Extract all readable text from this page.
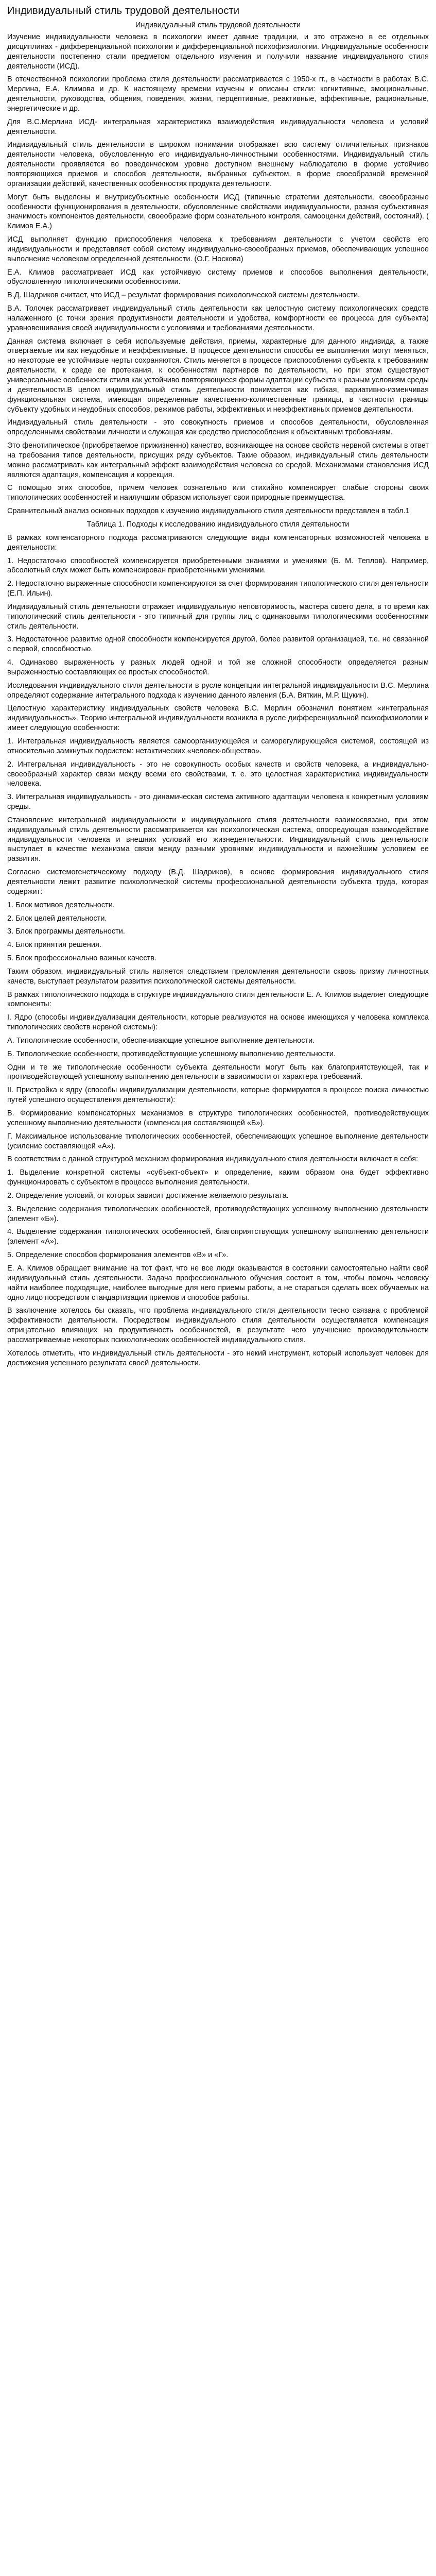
Индивидуальный стиль трудовой деятельности
Индивидуальный стиль трудовой деятельности

Изучение индивидуальности человека в психологии имеет давние традиции, и это отражено в ее отдельных дисциплинах - дифференциальной психологии и дифференциальной психофизиологии. Индивидуальные особенности деятельности постепенно стали предметом отдельного изучения и получили название индивидуального стиля деятельности (ИСД).

В отечественной психологии проблема стиля деятельности рассматривается с 1950-х гг., в частности в работах В.С. Мерлина, Е.А. Климова и др. К настоящему времени изучены и описаны стили: когнитивные, эмоциональные, деятельности, руководства, общения, поведения, жизни, перцептивные, реактивные, аффективные, рациональные, энергетические и др.

Для В.С.Мерлина ИСД- интегральная характеристика взаимодействия индивидуальности человека и условий деятельности.

Индивидуальный стиль деятельности в широком понимании отображает всю систему отличительных признаков деятельности человека, обусловленную его индивидуально-личностными особенностями. Индивидуальный стиль деятельности проявляется во поведенческом уровне доступном внешнему наблюдателю в форме устойчиво повторяющихся приемов и способов деятельности, выбранных субъектом, в форме своеобразной временной организации действий, качественных особенностях продукта деятельности.

Могут быть выделены и внутрисубъектные особенности ИСД (типичные стратегии деятельности, своеобразные особенности функционирования в деятельности, обусловленные свойствами индивидуальности, разная субъективная значимость компонентов деятельности, своеобразие форм сознательного контроля, самооценки действий, состояний). ( Климов Е.А.)

ИСД выполняет функцию приспособления человека к требованиям деятельности с учетом свойств его индивидуальности и представляет собой систему индивидуально-своеобразных приемов, обеспечивающих успешное выполнение человеком определенной деятельности. (О.Г. Носкова)

Е.А. Климов рассматривает ИСД как устойчивую систему приемов и способов выполнения деятельности, обусловленную типологическими особенностями.

В.Д. Шадриков считает, что ИСД – результат формирования психологической системы деятельности.

В.А. Толочек рассматривает индивидуальный стиль деятельности как целостную систему психологических средств налаженного (с точки зрения продуктивности деятельности и удобства, комфортности ее процесса для субъекта) уравновешивания своей индивидуальности с условиями и требованиями деятельности.

Данная система включает в себя используемые действия, приемы, характерные для данного индивида, а также отвергаемые им как неудобные и неэффективные. В процессе деятельности способы ее выполнения могут меняться, но некоторые ее устойчивые черты сохраняются. Стиль меняется в процессе приспособления субъекта к требованиям деятельности, к среде ее протекания, к особенностям партнеров по деятельности, но при этом существуют универсальные особенности стиля как устойчиво повторяющиеся формы адаптации субъекта к разным условиям среды и деятельности.В целом индивидуальный стиль деятельности понимается как гибкая, вариативно-изменчивая функциональная система, имеющая определенные качественно-количественные границы, в частности границы субъекту удобных и неудобных способов, режимов работы, эффективных и неэффективных приемов деятельности.

Индивидуальный стиль деятельности - это совокупность приемов и способов деятельности, обусловленная определенными свойствами личности и служащая как средство приспособления к объективным требованиям.

Это фенотипическое (приобретаемое прижизненно) качество, возникающее на основе свойств нервной системы в ответ на требования типов деятельности, присущих ряду субъектов. Такие образом, индивидуальный стиль деятельности можно рассматривать как интегральный эффект взаимодействия человека со средой. Механизмами становления ИСД являются адаптация, компенсация и коррекция.

С помощью этих способов, причем человек сознательно или стихийно компенсирует слабые стороны своих типологических особенностей и наилучшим образом использует свои природные преимущества.

Сравнительный анализ основных подходов к изучению индивидуального стиля деятельности представлен в табл.1

Таблица 1. Подходы к исследованию индивидуального стиля деятельности

В рамках компенсаторного подхода рассматриваются следующие виды компенсаторных возможностей человека в деятельности:

1. Недостаточно способностей компенсируется приобретенными знаниями и умениями (Б. М. Теплов). Например, абсолютный слух может быть компенсирован приобретенными умениями.

2. Недостаточно выраженные способности компенсируются за счет формирования типологического стиля деятельности (Е.П. Ильин).

Индивидуальный стиль деятельности отражает индивидуальную неповторимость, мастера своего дела, в то время как типологический стиль деятельности - это типичный для группы лиц с одинаковыми типологическими особенностями стиль деятельности.

3. Недостаточное развитие одной способности компенсируется другой, более развитой организацией, т.е. не связанной с первой, способностью.

4. Одинаково выраженность у разных людей одной и той же сложной способности определяется разным выраженностью составляющих ее простых способностей.

Исследования индивидуального стиля деятельности в русле концепции интегральной индивидуальности В.С. Мерлина определяют содержание интегрального подхода к изучению данного явления (Б.А. Вяткин, М.Р. Щукин).

Целостную характеристику индивидуальных свойств человека В.С. Мерлин обозначил понятием «интегральная индивидуальность». Теорию интегральной индивидуальности возникла в русле дифференциальной психофизиологии и имеет следующую особенности:

1. Интегральная индивидуальность является самоорганизующейся и саморегулирующейся системой, состоящей из относительно замкнутых подсистем: нетактических «человек-общество».

2. Интегральная индивидуальность - это не совокупность особых качеств и свойств человека, а индивидуально-своеобразный характер связи между всеми его свойствами, т. е. это целостная характеристика индивидуальности человека.

3. Интегральная индивидуальность - это динамическая система активного адаптации человека к конкретным условиям среды.

Становление интегральной индивидуальности и индивидуального стиля деятельности взаимосвязано, при этом индивидуальный стиль деятельности рассматривается как психологическая система, опосредующая взаимодействие индивидуальности человека и внешних условий его жизнедеятельности. Индивидуальный стиль деятельности выступает в качестве механизма связи между разными уровнями индивидуальности и важнейшим условием ее развития.

Согласно системогенетическому подходу (В.Д. Шадриков), в основе формирования индивидуального стиля деятельности лежит развитие психологической системы профессиональной деятельности субъекта труда, которая содержит:

1. Блок мотивов деятельности.

2. Блок целей деятельности.

3. Блок программы деятельности.

4. Блок принятия решения.

5. Блок профессионально важных качеств.

Таким образом, индивидуальный стиль является следствием преломления деятельности сквозь призму личностных качеств, выступает результатом развития психологической системы деятельности.

В рамках типологического подхода в структуре индивидуального стиля деятельности Е. А. Климов выделяет следующие компоненты:

I. Ядро (способы индивидуализации деятельности, которые реализуются на основе имеющихся у человека комплекса типологических свойств нервной системы):

А. Типологические особенности, обеспечивающие успешное выполнение деятельности.

Б. Типологические особенности, противодействующие успешному выполнению деятельности.

Одни и те же типологические особенности субъекта деятельности могут быть как благоприятствующей, так и противодействующей успешному выполнению деятельности в зависимости от характера требований.

II. Пристройка к ядру (способы индивидуализации деятельности, которые формируются в процессе поиска личностью путей успешного осуществления деятельности):

В. Формирование компенсаторных механизмов в структуре типологических особенностей, противодействующих успешному выполнению деятельности (компенсация составляющей «Б»).

Г. Максимальное использование типологических особенностей, обеспечивающих успешное выполнение деятельности (усиление составляющей «А»).

В соответствии с данной структурой механизм формирования индивидуального стиля деятельности включает в себя:

1. Выделение конкретной системы «субъект-объект» и определение, каким образом она будет эффективно функционировать с субъектом в процессе выполнения деятельности.

2. Определение условий, от которых зависит достижение желаемого результата.

3. Выделение содержания типологических особенностей, противодействующих успешному выполнению деятельности (элемент «Б»).

4. Выделение содержания типологических особенностей, благоприятствующих успешному выполнению деятельности (элемент «А»).

5. Определение способов формирования элементов «В» и «Г».

Е. А. Климов обращает внимание на тот факт, что не все люди оказываются в состоянии самостоятельно найти свой индивидуальный стиль деятельности. Задача профессионального обучения состоит в том, чтобы помочь человеку найти наиболее подходящие, наиболее выгодные для него приемы работы, а не стараться сделать всех обучаемых на одно лицо посредством стандартизации приемов и способов работы.

В заключение хотелось бы сказать, что проблема индивидуального стиля деятельности тесно связана с проблемой эффективности деятельности. Посредством индивидуального стиля деятельности осуществляется компенсация отрицательно влияющих на продуктивность особенностей, в результате чего улучшение производительности рассматриваемые некоторых психологических особенностей индивидуального стиля.

Хотелось отметить, что индивидуальный стиль деятельности - это некий инструмент, который использует человек для достижения успешного результата своей деятельности.
